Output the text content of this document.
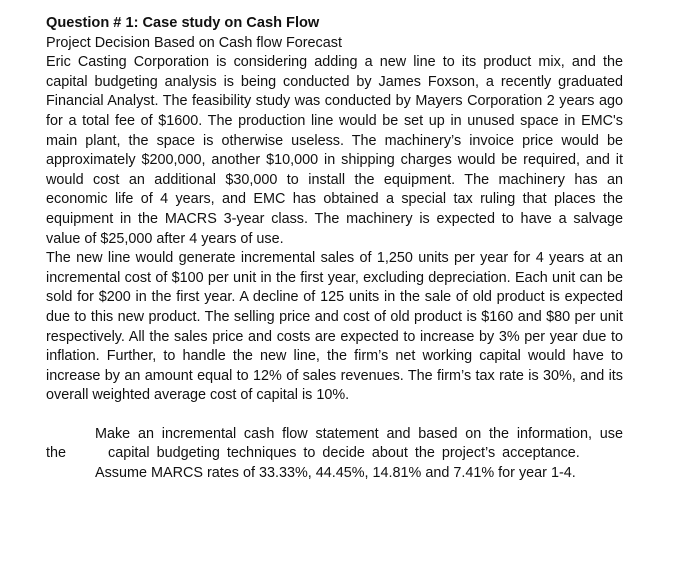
Question # 1: Case study on Cash Flow

Project Decision Based on Cash flow Forecast

Eric Casting Corporation is considering adding a new line to its product mix, and the capital budgeting analysis is being conducted by James Foxson, a recently graduated Financial Analyst. The feasibility study was conducted by Mayers Corporation 2 years ago for a total fee of $1600. The production line would be set up in unused space in EMC's main plant, the space is otherwise useless. The machinery’s invoice price would be approximately $200,000, another $10,000 in shipping charges would be required, and it would cost an additional $30,000 to install the equipment. The machinery has an economic life of 4 years, and EMC has obtained a special tax ruling that places the equipment in the MACRS 3-year class. The machinery is expected to have a salvage value of $25,000 after 4 years of use.

The new line would generate incremental sales of 1,250 units per year for 4 years at an incremental cost of $100 per unit in the first year, excluding depreciation. Each unit can be sold for $200 in the first year. A decline of 125 units in the sale of old product is expected due to this new product. The selling price and cost of old product is $160 and $80 per unit respectively. All the sales price and costs are expected to increase by 3% per year due to inflation. Further, to handle the new line, the firm’s net working capital would have to increase by an amount equal to 12% of sales revenues. The firm’s tax rate is 30%, and its overall weighted average cost of capital is 10%.

Make an incremental cash flow statement and based on the information, use the	capital budgeting techniques to decide about the project’s acceptance.

Assume MARCS rates of 33.33%, 44.45%, 14.81% and 7.41% for year 1-4.
